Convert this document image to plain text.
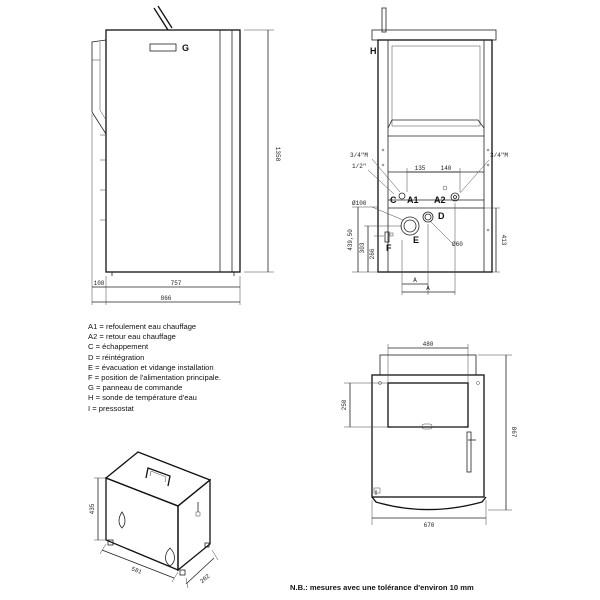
G
1358
757
108
866
H
3/4"M
1/2"
3/4"M
135	140
C A1 A2
Ø100
E
D
Ø60
F
439,50 303
266
413
A
A
480
250
867
670
435
581
202
A1 = refoulement eau chauffage
A2 = retour eau chauffage
C = échappement
D = réintégration
E = évacuation et vidange installation
F = position de l'alimentation principale.
G = panneau de commande
H = sonde de température d'eau
I = pressostat
N.B.: mesures avec une tolérance d'environ 10 mm
